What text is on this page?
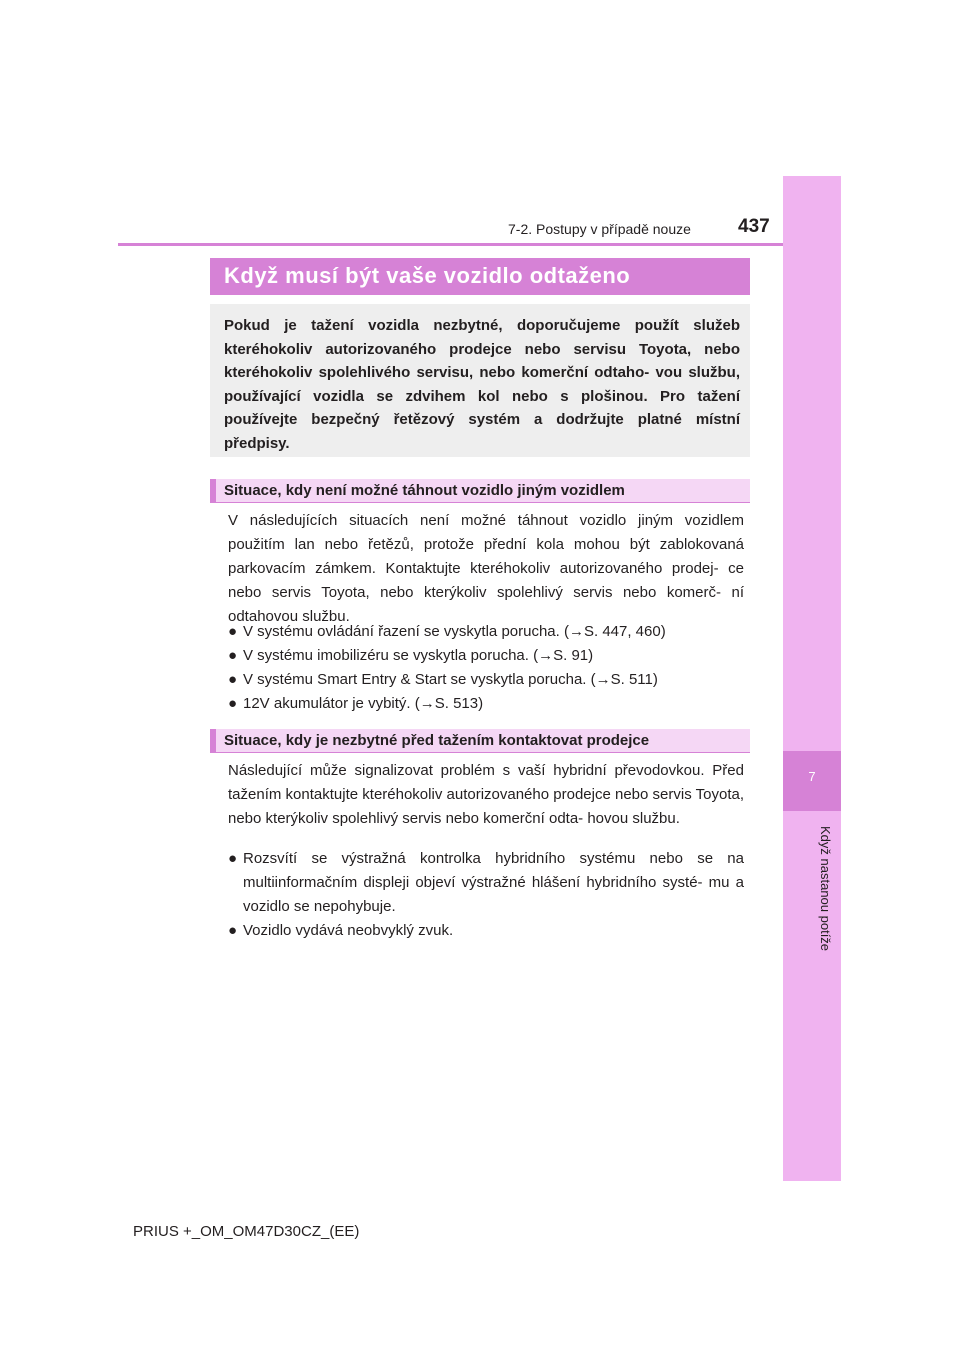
7
Když nastanou potíže
7-2. Postupy v případě nouze 437
Když musí být vaše vozidlo odtaženo

Pokud je tažení vozidla nezbytné, doporučujeme použít služeb kteréhokoliv autorizovaného prodejce nebo servisu Toyota, nebo kteréhokoliv spolehlivého servisu, nebo komerční odtaho- vou službu, používající vozidla se zdvihem kol nebo s plošinou. Pro tažení používejte bezpečný řetězový systém a dodržujte platné místní předpisy.

Situace, kdy není možné táhnout vozidlo jiným vozidlem

V následujících situacích není možné táhnout vozidlo jiným vozidlem použitím lan nebo řetězů, protože přední kola mohou být zablokovaná parkovacím zámkem. Kontaktujte kteréhokoliv autorizovaného prodej- ce nebo servis Toyota, nebo kterýkoliv spolehlivý servis nebo komerč- ní odtahovou službu.

● V systému ovládání řazení se vyskytla porucha. (→S. 447, 460)
● V systému imobilizéru se vyskytla porucha. (→S. 91)
● V systému Smart Entry & Start se vyskytla porucha. (→S. 511)
● 12V akumulátor je vybitý. (→S. 513)
Situace, kdy je nezbytné před tažením kontaktovat prodejce

Následující může signalizovat problém s vaší hybridní převodovkou. Před tažením kontaktujte kteréhokoliv autorizovaného prodejce nebo servis Toyota, nebo kterýkoliv spolehlivý servis nebo komerční odta- hovou službu.

● Rozsvítí se výstražná kontrolka hybridního systému nebo se na multiinformačním displeji objeví výstražné hlášení hybridního systé- mu a vozidlo se nepohybuje.
● Vozidlo vydává neobvyklý zvuk.
PRIUS +_OM_OM47D30CZ_(EE)
